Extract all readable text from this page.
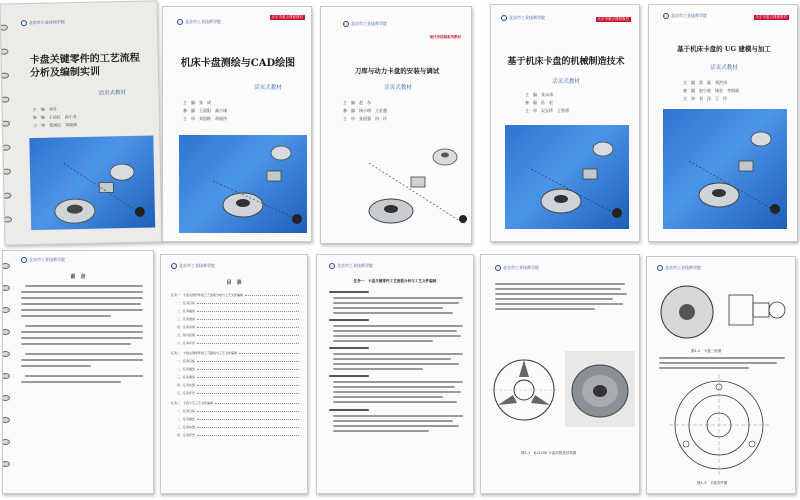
北京市工业技师学院
卡盘关键零件的工艺流程分析及编制实训
活页式教材
主　编　刘冬
参　编　王运红　孙小芳
主　审　张国民　刘晓燕
北京市工业技师学院
北京市重点课程教材
机床卡盘测绘与CAD绘图
活页式教材
主　编　张　成
参　编　王晨阳　高小刚
主　审　刘国栋　胡丽莎
北京市工业技师学院
现代学徒制系列教材
刀库与动力卡盘的安装与调试
活页式教材
主　编　赵　东
参　编　杨小明　王宏超
主　审　张国强　何　玲
北京市工业技师学院	北京市重点课程教材
基于机床卡盘的机械制造技术
活页式教材
主　编　张永涛
参　编　孙　宏
主　审　吴宝珍　王智勇
北京市工业技师学院	北京市重点课程教材
基于机床卡盘的 UG 建模与加工
活页式教材
主　编　雷　磊　刘洪涛
参　编　赵小波　杨宏　李海斌
主　审　刘　洋　王　玲
北京市工业技师学院
前　言
北京市工业技师学院
目　录
任务一　卡盘关键零件的工艺流程分析与工艺文件编制
一、任务目标
二、任务描述
三、任务准备
四、任务实施
五、知识拓展
六、任务评价
任务二　卡盘关键零件的工艺路线与工艺文件编制
一、任务目标
二、任务描述
三、任务准备
四、任务实施
五、任务评价
任务三　卡盘卡爪工艺文件编制
一、任务目标
二、任务描述
三、任务实施
四、任务评价
北京市工业技师学院
任务一　卡盘关键零件工艺流程分析与工艺文件编制
北京市工业技师学院
图1-1　K11250 卡盘实物及结构图
北京市工业技师学院
图1-2　卡盘三视图
图1-3　卡盘零件图
